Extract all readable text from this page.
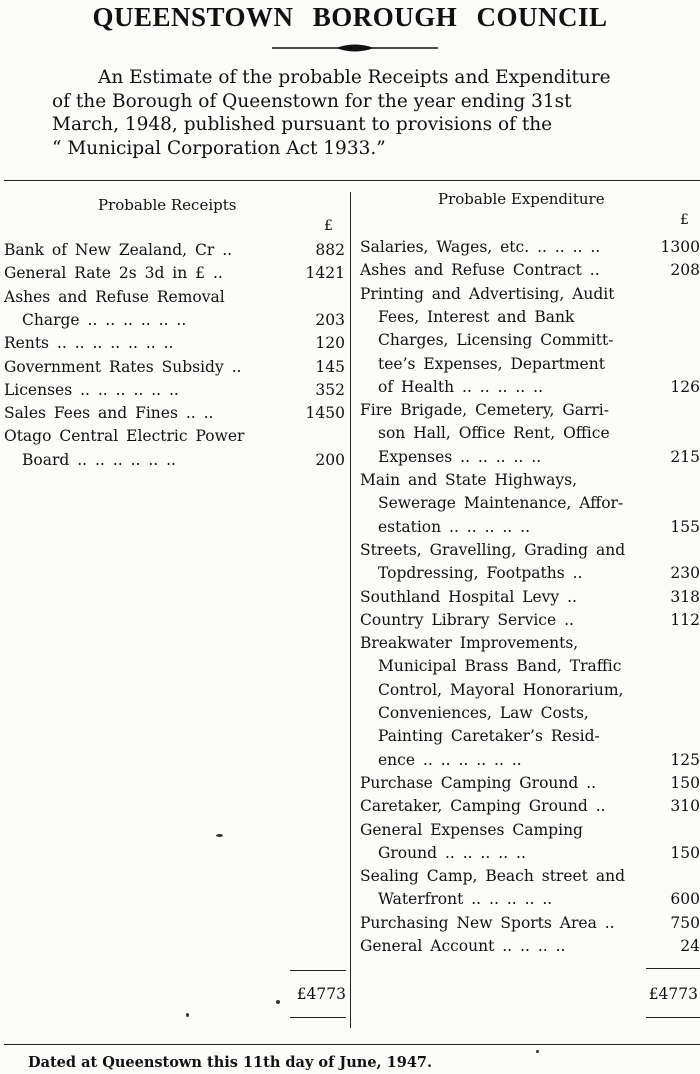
QUEENSTOWN BOROUGH COUNCIL
An Estimate of the probable Receipts and Expenditure
of the Borough of Queenstown for the year ending 31st
March, 1948, published pursuant to provisions of the
“ Municipal Corporation Act 1933.”
Probable Receipts
£
Bank of New Zealand, Cr ..	882
General Rate 2s 3d in £ ..	1421
Ashes and Refuse Removal
Charge .. .. .. .. .. ..	203
Rents .. .. .. .. .. .. ..	120
Government Rates Subsidy ..	145
Licenses .. .. .. .. .. ..	352
Sales Fees and Fines .. ..	1450
Otago Central Electric Power
Board .. .. .. .. .. ..	200
£4773
Probable Expenditure
£
Salaries, Wages, etc. .. .. .. ..	1300
Ashes and Refuse Contract ..	208
Printing and Advertising, Audit
Fees, Interest and Bank
Charges, Licensing Committ-
tee’s Expenses, Department
of Health .. .. .. .. ..	126
Fire Brigade, Cemetery, Garri-
son Hall, Office Rent, Office
Expenses .. .. .. .. ..	215
Main and State Highways,
Sewerage Maintenance, Affor-
estation .. .. .. .. ..	155
Streets, Gravelling, Grading and
Topdressing, Footpaths ..	230
Southland Hospital Levy ..	318
Country Library Service ..	112
Breakwater Improvements,
Municipal Brass Band, Traffic
Control, Mayoral Honorarium,
Conveniences, Law Costs,
Painting Caretaker’s Resid-
ence .. .. .. .. .. ..	125
Purchase Camping Ground ..	150
Caretaker, Camping Ground ..	310
General Expenses Camping
Ground .. .. .. .. ..	150
Sealing Camp, Beach street and
Waterfront .. .. .. .. ..	600
Purchasing New Sports Area ..	750
General Account .. .. .. ..	24
£4773
Dated at Queenstown this 11th day of June, 1947.
